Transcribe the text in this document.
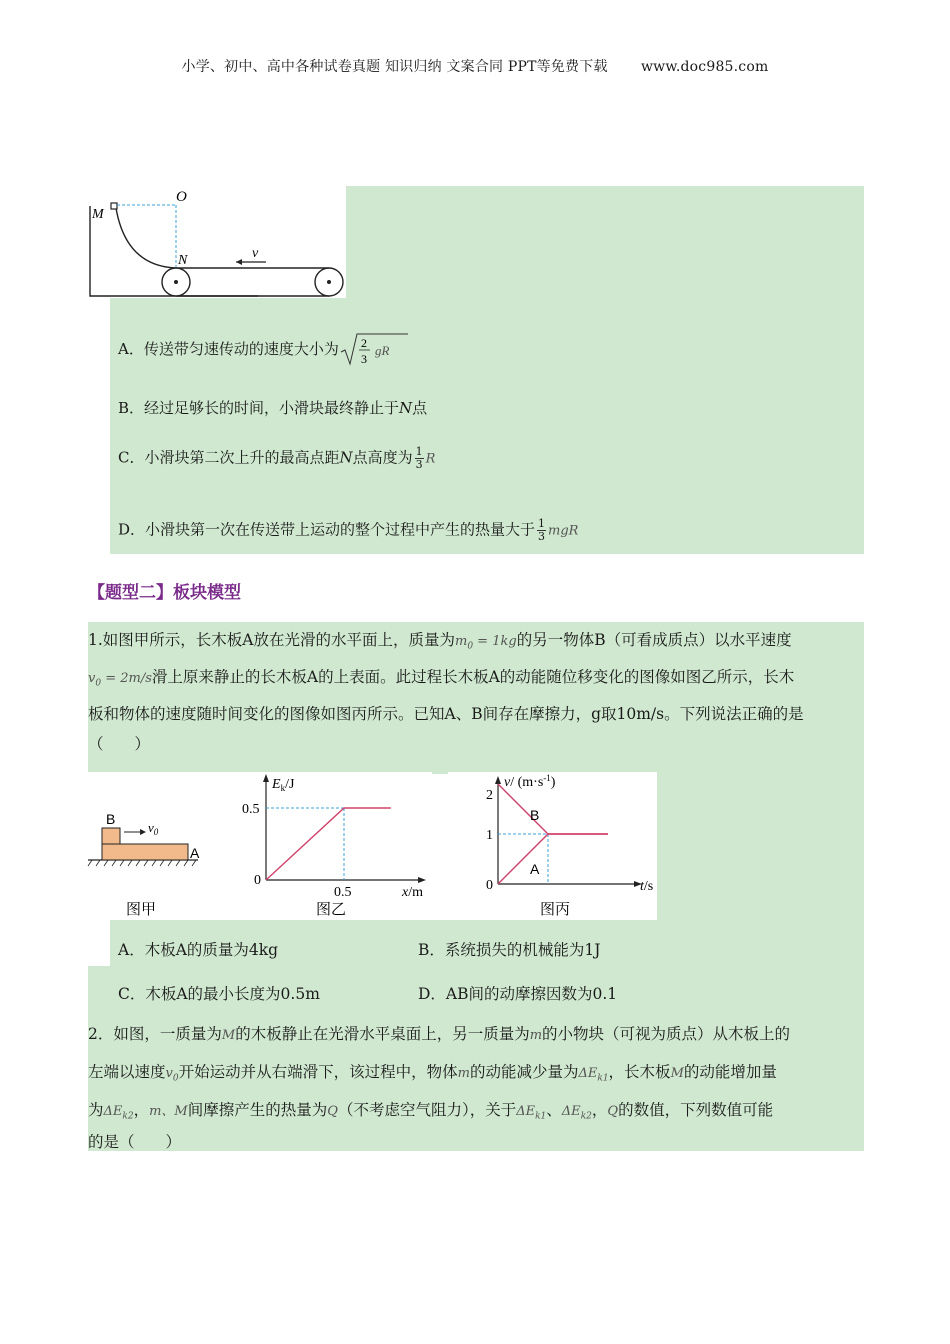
小学、初中、高中各种试卷真题 知识归纳 文案合同 PPT等免费下载 www.doc985.com
O
M
N	v
A．传送带匀速传动的速度大小为 2
3
gR
B．经过足够长的时间，小滑块最终静止于N点
C．小滑块第二次上升的最高点距N点高度为 $\frac{1}{3}$ R
D．小滑块第一次在传送带上运动的整个过程中产生的热量大于 $\frac{1}{3}$ mgR
【题型二】板块模型
1.如图甲所示，长木板A放在光滑的水平面上，质量为$m_0 = 1kg$的另一物体B（可看成质点）以水平速度
$v_0 = 2m/s$滑上原来静止的长木板A的上表面。此过程长木板A的动能随位移变化的图像如图乙所示，长木
板和物体的速度随时间变化的图像如图丙所示。已知A、B间存在摩擦力，g取10m/s。下列说法正确的是
（　　）
B
$v_0$
A
图甲
$E_k/J$
0.5
0
0.5	x/m
图乙
v/ $(m\cdot s^{-1})$
2
1
0
B
A
t/s
图丙
A．木板A的质量为4kg	B．系统损失的机械能为1J
C．木板A的最小长度为0.5m	D．AB间的动摩擦因数为0.1
2．如图，一质量为M的木板静止在光滑水平桌面上，另一质量为m的小物块（可视为质点）从木板上的
左端以速度$v_0$开始运动并从右端滑下，该过程中，物体m的动能减少量为$\Delta E_{k1}$，长木板M的动能增加量
为$\Delta E_{k2}$，m、M间摩擦产生的热量为Q（不考虑空气阻力），关于$\Delta E_{k1}$、$\Delta E_{k2}$，Q的数值，下列数值可能
的是（　　）
